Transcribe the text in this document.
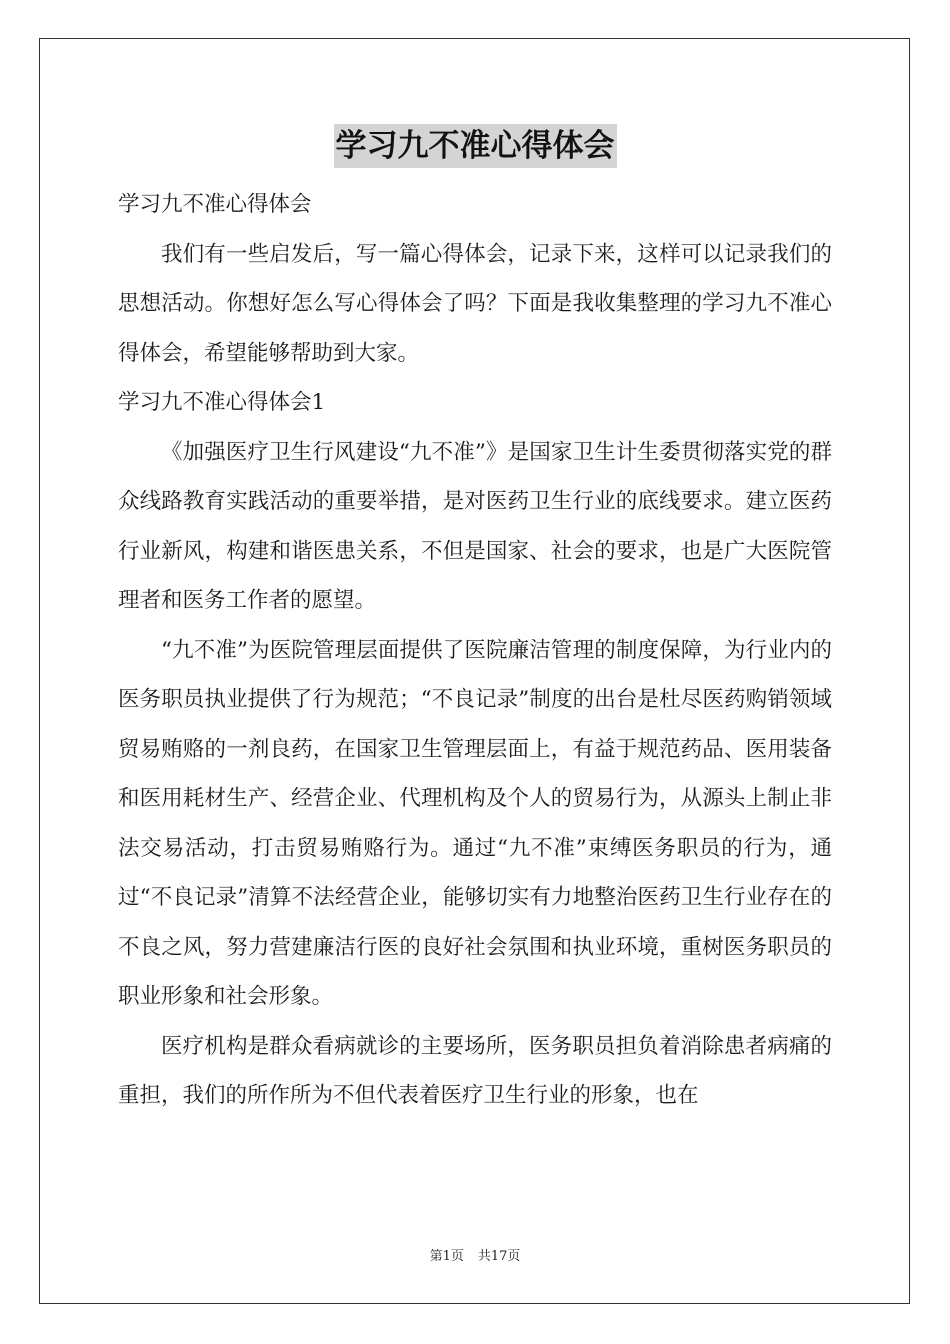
学习九不准心得体会

学习九不准心得体会

我们有一些启发后，写一篇心得体会，记录下来，这样可以记录我们的思想活动。你想好怎么写心得体会了吗？下面是我收集整理的学习九不准心得体会，希望能够帮助到大家。

学习九不准心得体会1

《加强医疗卫生行风建设“九不准”》是国家卫生计生委贯彻落实党的群众线路教育实践活动的重要举措，是对医药卫生行业的底线要求。建立医药行业新风，构建和谐医患关系，不但是国家、社会的要求，也是广大医院管理者和医务工作者的愿望。

“九不准”为医院管理层面提供了医院廉洁管理的制度保障，为行业内的医务职员执业提供了行为规范；“不良记录”制度的出台是杜尽医药购销领域贸易贿赂的一剂良药，在国家卫生管理层面上，有益于规范药品、医用装备和医用耗材生产、经营企业、代理机构及个人的贸易行为，从源头上制止非法交易活动，打击贸易贿赂行为。通过“九不准”束缚医务职员的行为，通过“不良记录”清算不法经营企业，能够切实有力地整治医药卫生行业存在的不良之风，努力营建廉洁行医的良好社会氛围和执业环境，重树医务职员的职业形象和社会形象。

医疗机构是群众看病就诊的主要场所，医务职员担负着消除患者病痛的重担，我们的所作所为不但代表着医疗卫生行业的形象，也在

第1页 共17页
